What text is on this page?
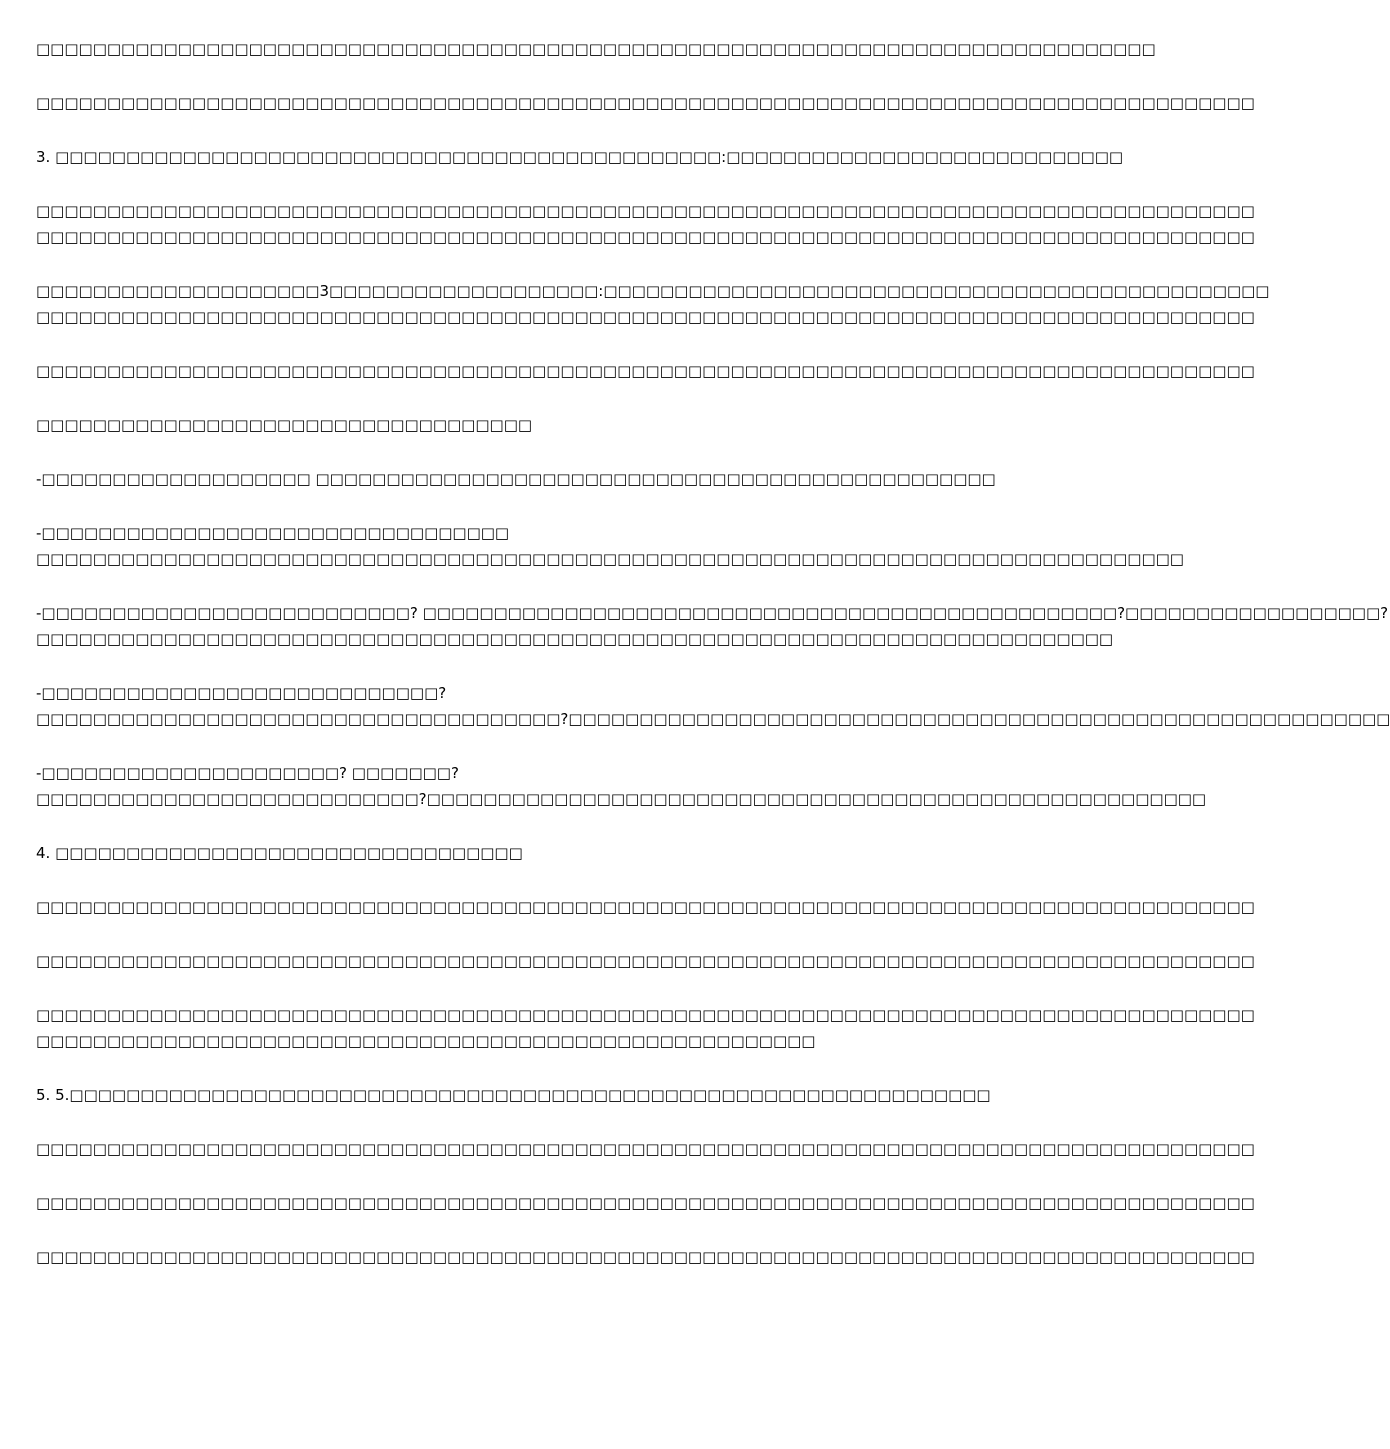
□□□□□□□□□□□□□□□□□□□□□□□□□□□□□□□□□□□□□□□□□□□□□□□□□□□□□□□□□□□□□□□□□□□□□□□□□□□□□□□
□□□□□□□□□□□□□□□□□□□□□□□□□□□□□□□□□□□□□□□□□□□□□□□□□□□□□□□□□□□□□□□□□□□□□□□□□□□□□□□□□□□□□□
3. □□□□□□□□□□□□□□□□□□□□□□□□□□□□□□□□□□□□□□□□□□□□□□□:□□□□□□□□□□□□□□□□□□□□□□□□□□□□
□□□□□□□□□□□□□□□□□□□□□□□□□□□□□□□□□□□□□□□□□□□□□□□□□□□□□□□□□□□□□□□□□□□□□□□□□□□□□□□□□□□□□□
□□□□□□□□□□□□□□□□□□□□□□□□□□□□□□□□□□□□□□□□□□□□□□□□□□□□□□□□□□□□□□□□□□□□□□□□□□□□□□□□□□□□□□
□□□□□□□□□□□□□□□□□□□□3□□□□□□□□□□□□□□□□□□□:□□□□□□□□□□□□□□□□□□□□□□□□□□□□□□□□□□□□□□□□□□□□□□□
□□□□□□□□□□□□□□□□□□□□□□□□□□□□□□□□□□□□□□□□□□□□□□□□□□□□□□□□□□□□□□□□□□□□□□□□□□□□□□□□□□□□□□
□□□□□□□□□□□□□□□□□□□□□□□□□□□□□□□□□□□□□□□□□□□□□□□□□□□□□□□□□□□□□□□□□□□□□□□□□□□□□□□□□□□□□□
□□□□□□□□□□□□□□□□□□□□□□□□□□□□□□□□□□□
-□□□□□□□□□□□□□□□□□□□ □□□□□□□□□□□□□□□□□□□□□□□□□□□□□□□□□□□□□□□□□□□□□□□□
-□□□□□□□□□□□□□□□□□□□□□□□□□□□□□□□□□
□□□□□□□□□□□□□□□□□□□□□□□□□□□□□□□□□□□□□□□□□□□□□□□□□□□□□□□□□□□□□□□□□□□□□□□□□□□□□□□□□
-□□□□□□□□□□□□□□□□□□□□□□□□□□? □□□□□□□□□□□□□□□□□□□□□□□□□□□□□□□□□□□□□□□□□□□□□□□□□?□□□□□□□□□□□□□□□□□□?
□□□□□□□□□□□□□□□□□□□□□□□□□□□□□□□□□□□□□□□□□□□□□□□□□□□□□□□□□□□□□□□□□□□□□□□□□□□□
-□□□□□□□□□□□□□□□□□□□□□□□□□□□□?
□□□□□□□□□□□□□□□□□□□□□□□□□□□□□□□□□□□□□?□□□□□□□□□□□□□□□□□□□□□□□□□□□□□□□□□□□□□□□□□□□□□□□□□□□□□□□□□□
-□□□□□□□□□□□□□□□□□□□□□? □□□□□□□?
□□□□□□□□□□□□□□□□□□□□□□□□□□□?□□□□□□□□□□□□□□□□□□□□□□□□□□□□□□□□□□□□□□□□□□□□□□□□□□□□□□□
4. □□□□□□□□□□□□□□□□□□□□□□□□□□□□□□□□□
□□□□□□□□□□□□□□□□□□□□□□□□□□□□□□□□□□□□□□□□□□□□□□□□□□□□□□□□□□□□□□□□□□□□□□□□□□□□□□□□□□□□□□
□□□□□□□□□□□□□□□□□□□□□□□□□□□□□□□□□□□□□□□□□□□□□□□□□□□□□□□□□□□□□□□□□□□□□□□□□□□□□□□□□□□□□□
□□□□□□□□□□□□□□□□□□□□□□□□□□□□□□□□□□□□□□□□□□□□□□□□□□□□□□□□□□□□□□□□□□□□□□□□□□□□□□□□□□□□□□
□□□□□□□□□□□□□□□□□□□□□□□□□□□□□□□□□□□□□□□□□□□□□□□□□□□□□□□
5. 5.□□□□□□□□□□□□□□□□□□□□□□□□□□□□□□□□□□□□□□□□□□□□□□□□□□□□□□□□□□□□□□□□□
□□□□□□□□□□□□□□□□□□□□□□□□□□□□□□□□□□□□□□□□□□□□□□□□□□□□□□□□□□□□□□□□□□□□□□□□□□□□□□□□□□□□□□
□□□□□□□□□□□□□□□□□□□□□□□□□□□□□□□□□□□□□□□□□□□□□□□□□□□□□□□□□□□□□□□□□□□□□□□□□□□□□□□□□□□□□□
□□□□□□□□□□□□□□□□□□□□□□□□□□□□□□□□□□□□□□□□□□□□□□□□□□□□□□□□□□□□□□□□□□□□□□□□□□□□□□□□□□□□□□
